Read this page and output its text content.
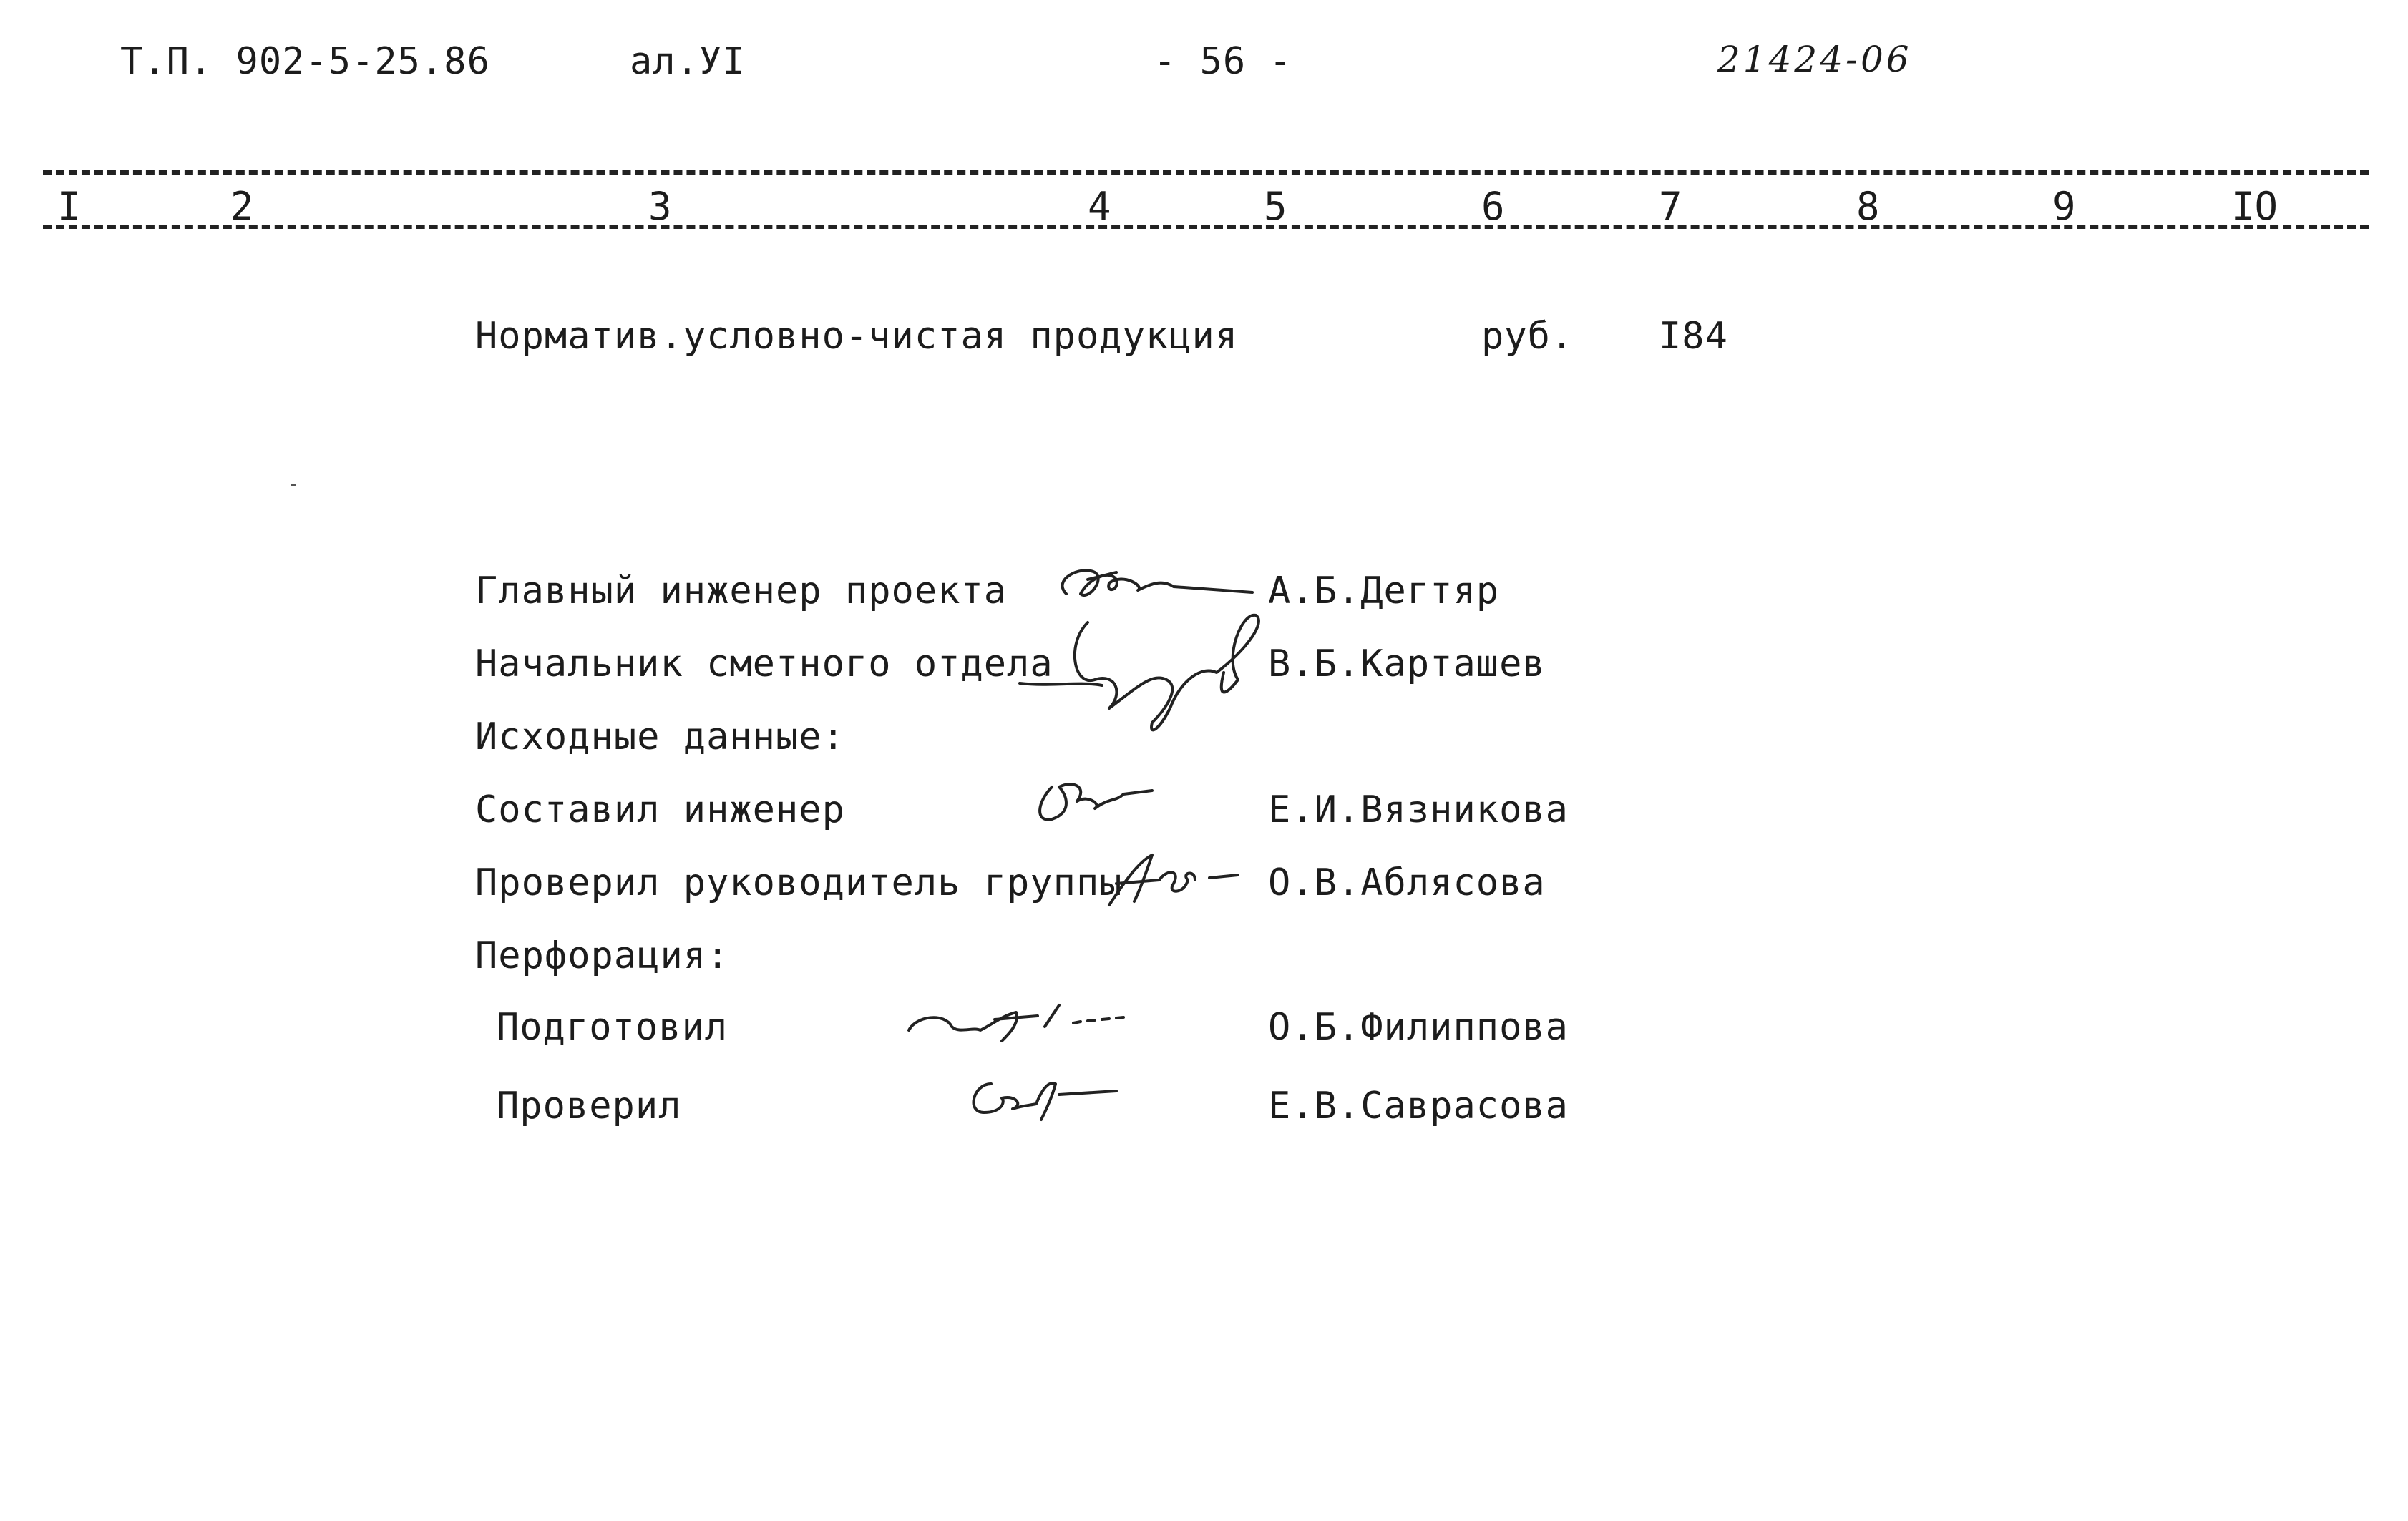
Т.П. 902-5-25.86	ал.УI	- 56 -	21424-06
I	2	3	4	5	6	7	8	9	IO
Норматив.условно-чистая продукция	руб. I84
Главный инженер проекта	А.Б.Дегтяр
Начальник сметного отдела	В.Б.Карташев
Исходные данные:
Составил инженер	Е.И.Вязникова
Проверил руководитель группы	О.В.Аблясова
Перфорация:
Подготовил	О.Б.Филиппова
Проверил	Е.В.Саврасова
